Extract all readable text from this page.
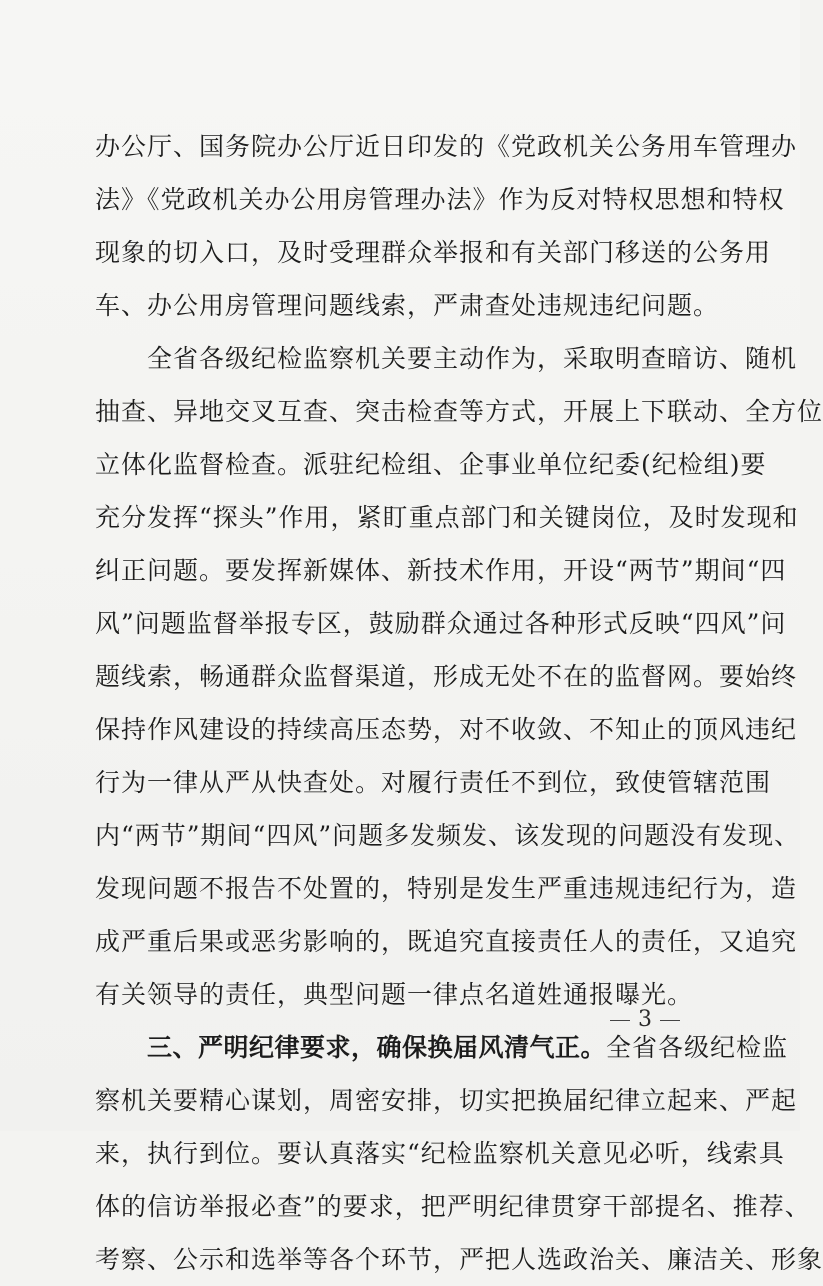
办公厅、国务院办公厅近日印发的《党政机关公务用车管理办
法》《党政机关办公用房管理办法》作为反对特权思想和特权
现象的切入口，及时受理群众举报和有关部门移送的公务用
车、办公用房管理问题线索，严肃查处违规违纪问题。
全省各级纪检监察机关要主动作为，采取明查暗访、随机
抽查、异地交叉互查、突击检查等方式，开展上下联动、全方位
立体化监督检查。派驻纪检组、企事业单位纪委(纪检组)要
充分发挥“探头”作用，紧盯重点部门和关键岗位，及时发现和
纠正问题。要发挥新媒体、新技术作用，开设“两节”期间“四
风”问题监督举报专区，鼓励群众通过各种形式反映“四风”问
题线索，畅通群众监督渠道，形成无处不在的监督网。要始终
保持作风建设的持续高压态势，对不收敛、不知止的顶风违纪
行为一律从严从快查处。对履行责任不到位，致使管辖范围
内“两节”期间“四风”问题多发频发、该发现的问题没有发现、
发现问题不报告不处置的，特别是发生严重违规违纪行为，造
成严重后果或恶劣影响的，既追究直接责任人的责任，又追究
有关领导的责任，典型问题一律点名道姓通报曝光。
三、严明纪律要求，确保换届风清气正。全省各级纪检监
察机关要精心谋划，周密安排，切实把换届纪律立起来、严起
来，执行到位。要认真落实“纪检监察机关意见必听，线索具
体的信访举报必查”的要求，把严明纪律贯穿干部提名、推荐、
考察、公示和选举等各个环节，严把人选政治关、廉洁关、形象
3
